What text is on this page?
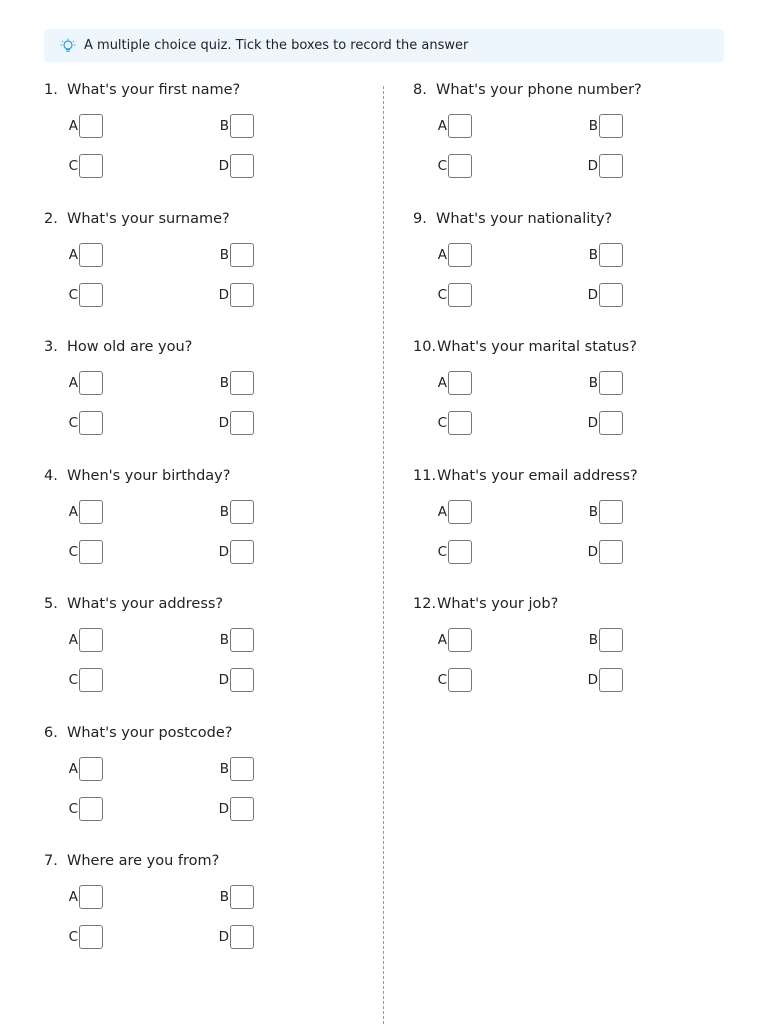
A multiple choice quiz. Tick the boxes to record the answer
1. What's your first name?
A	B
C	D
2. What's your surname?
A	B
C	D
3. How old are you?
A	B
C	D
4. When's your birthday?
A	B
C	D
5. What's your address?
A	B
C	D
6. What's your postcode?
A	B
C	D
7. Where are you from?
A	B
C	D
8. What's your phone number?
A	B
C	D
9. What's your nationality?
A	B
C	D
10.What's your marital status?
A	B
C	D
11.What's your email address?
A	B
C	D
12.What's your job?
A	B
C	D
